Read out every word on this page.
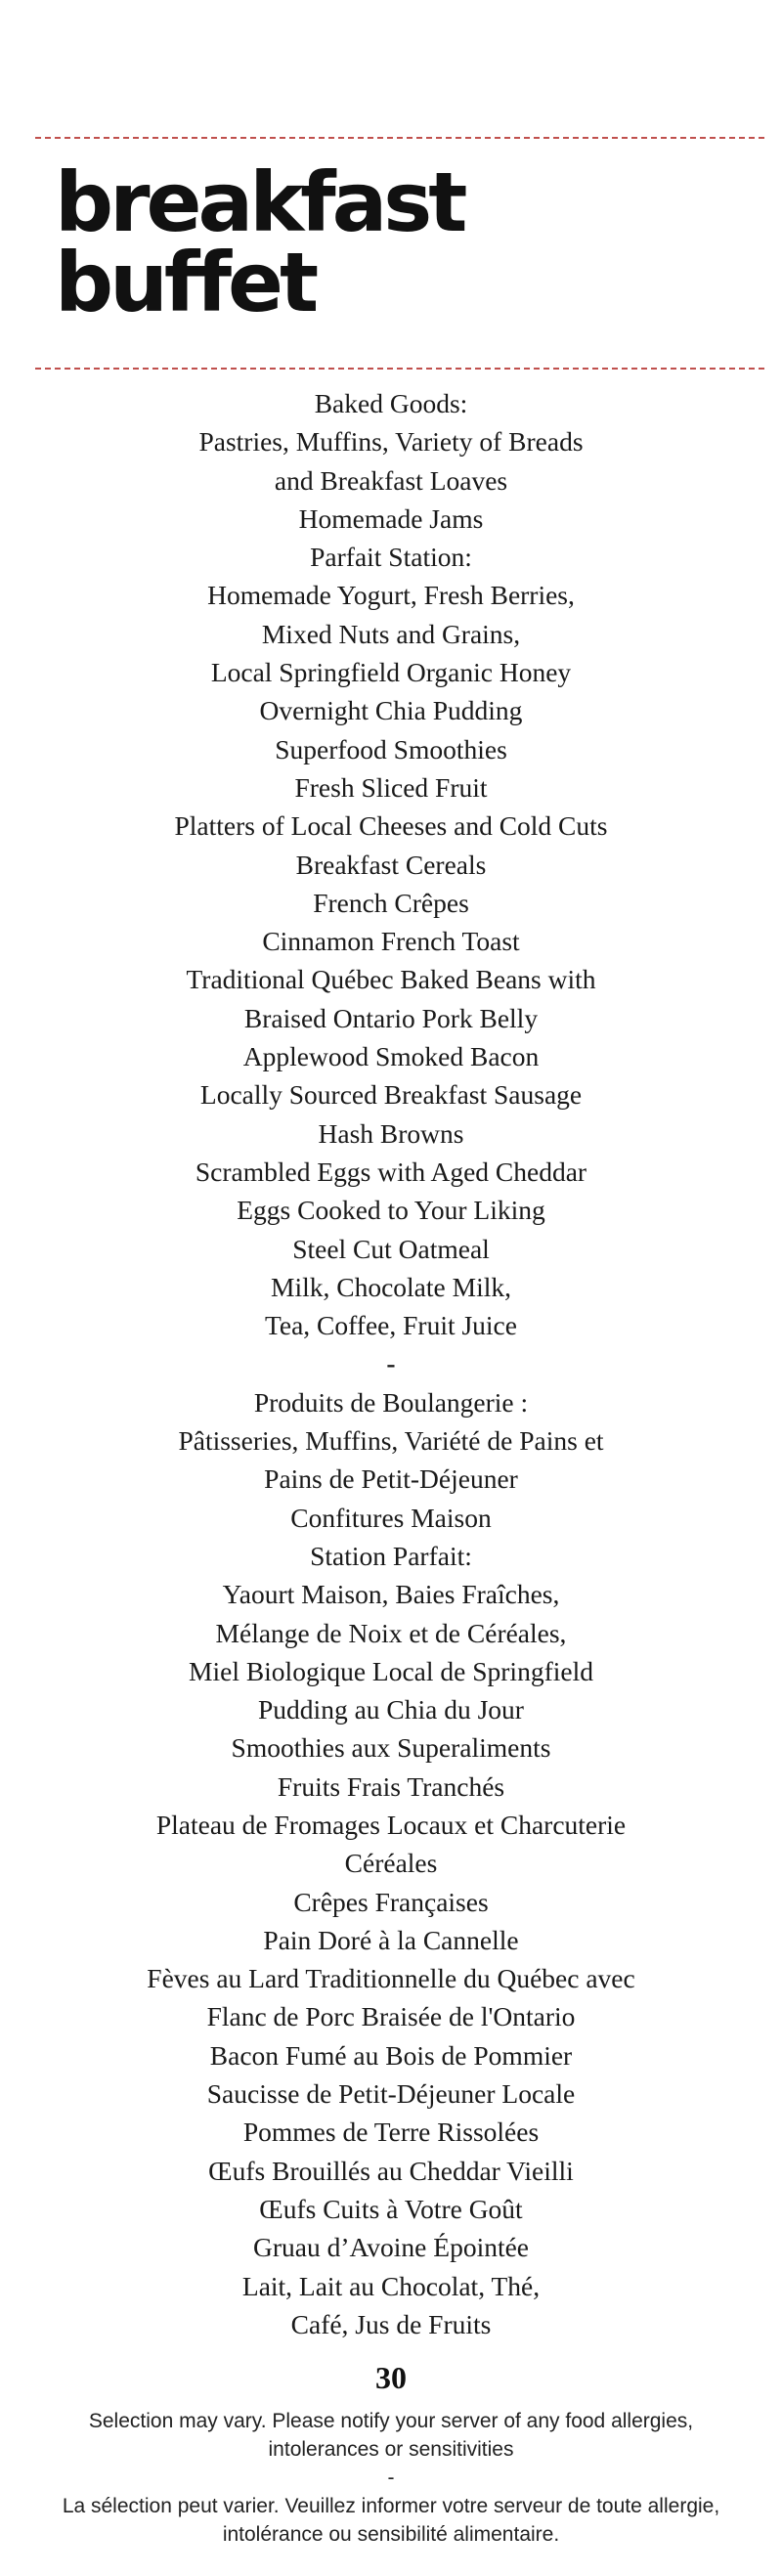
breakfast
buffet
Baked Goods:
Pastries, Muffins, Variety of Breads
and Breakfast Loaves
Homemade Jams
Parfait Station:
Homemade Yogurt, Fresh Berries,
Mixed Nuts and Grains,
Local Springfield Organic Honey
Overnight Chia Pudding
Superfood Smoothies
Fresh Sliced Fruit
Platters of Local Cheeses and Cold Cuts
Breakfast Cereals
French Crêpes
Cinnamon French Toast
Traditional Québec Baked Beans with
Braised Ontario Pork Belly
Applewood Smoked Bacon
Locally Sourced Breakfast Sausage
Hash Browns
Scrambled Eggs with Aged Cheddar
Eggs Cooked to Your Liking
Steel Cut Oatmeal
Milk, Chocolate Milk,
Tea, Coffee, Fruit Juice
-
Produits de Boulangerie :
Pâtisseries, Muffins, Variété de Pains et
Pains de Petit-Déjeuner
Confitures Maison
Station Parfait:
Yaourt Maison, Baies Fraîches,
Mélange de Noix et de Céréales,
Miel Biologique Local de Springfield
Pudding au Chia du Jour
Smoothies aux Superaliments
Fruits Frais Tranchés
Plateau de Fromages Locaux et Charcuterie
Céréales
Crêpes Françaises
Pain Doré à la Cannelle
Fèves au Lard Traditionnelle du Québec avec
Flanc de Porc Braisée de l'Ontario
Bacon Fumé au Bois de Pommier
Saucisse de Petit-Déjeuner Locale
Pommes de Terre Rissolées
Œufs Brouillés au Cheddar Vieilli
Œufs Cuits à Votre Goût
Gruau d’Avoine Épointée
Lait, Lait au Chocolat, Thé,
Café, Jus de Fruits
30

Selection may vary. Please notify your server of any food allergies, intolerances or sensitivities

-

La sélection peut varier. Veuillez informer votre serveur de toute allergie, intolérance ou sensibilité alimentaire.
